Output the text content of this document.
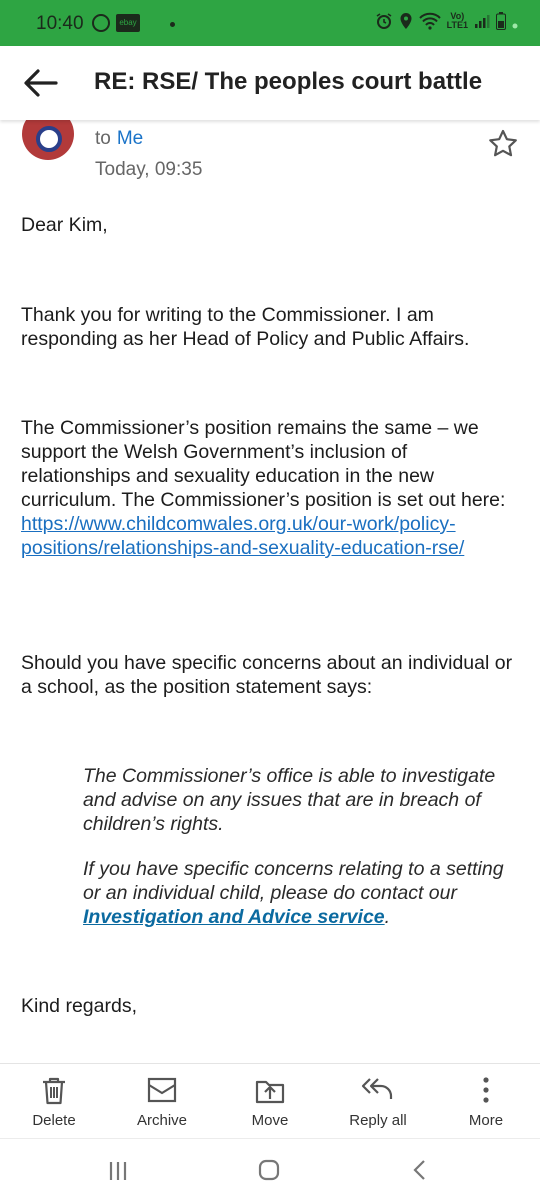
10:40	ebay
Vo)
LTE1
RE: RSE/ The peoples court battle
to Me
Today, 09:35

Dear Kim,

Thank you for writing to the Commissioner. I am responding as her Head of Policy and Public Affairs.

The Commissioner’s position remains the same – we support the Welsh Government’s inclusion of relationships and sexuality education in the new curriculum. The Commissioner’s position is set out here: https://www.childcomwales.org.uk/our-work/policy-positions/relationships-and-sexuality-education-rse/

Should you have specific concerns about an individual or a school, as the position statement says:

The Commissioner’s office is able to investigate and advise on any issues that are in breach of children’s rights.

If you have specific concerns relating to a setting or an individual child, please do contact our Investigation and Advice service.

Kind regards,

Delete	Archive	Move	Reply all	More
